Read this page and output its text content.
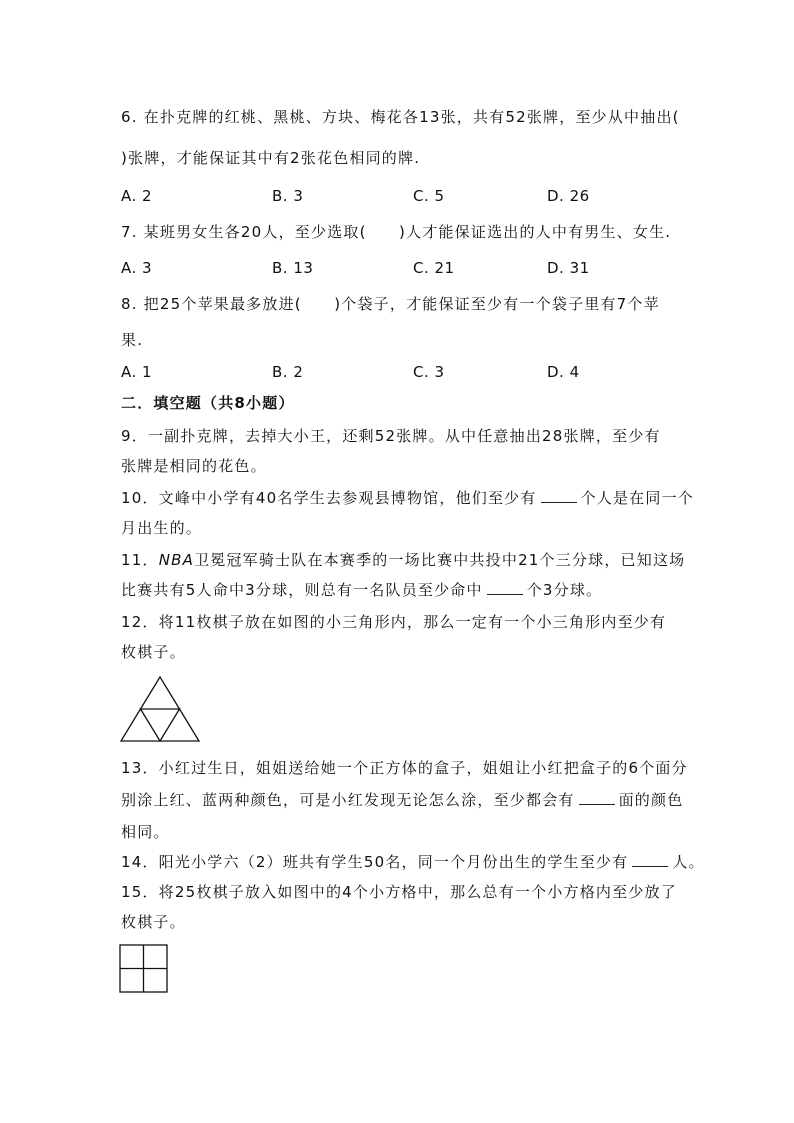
6. 在扑克牌的红桃、黑桃、方块、梅花各13张，共有52张牌，至少从中抽出(
)张牌，才能保证其中有2张花色相同的牌.
A. 2	B. 3	C. 5	D. 26
7. 某班男女生各20人，至少选取(　　)人才能保证选出的人中有男生、女生.
A. 3	B. 13	C. 21	D. 31
8. 把25个苹果最多放进(　　)个袋子，才能保证至少有一个袋子里有7个苹
果.
A. 1	B. 2	C. 3	D. 4
二．填空题（共8小题）
9．一副扑克牌，去掉大小王，还剩52张牌。从中任意抽出28张牌，至少有
张牌是相同的花色。
10．文峰中小学有40名学生去参观县博物馆，他们至少有	个人是在同一个
月出生的。
11．NBA卫冕冠军骑士队在本赛季的一场比赛中共投中21个三分球，已知这场
比赛共有5人命中3分球，则总有一名队员至少命中	个3分球。
12．将11枚棋子放在如图的小三角形内，那么一定有一个小三角形内至少有
枚棋子。
13．小红过生日，姐姐送给她一个正方体的盒子，姐姐让小红把盒子的6个面分
别涂上红、蓝两种颜色，可是小红发现无论怎么涂，至少都会有	面的颜色
相同。
14．阳光小学六（2）班共有学生50名，同一个月份出生的学生至少有	人。
15．将25枚棋子放入如图中的4个小方格中，那么总有一个小方格内至少放了
枚棋子。
